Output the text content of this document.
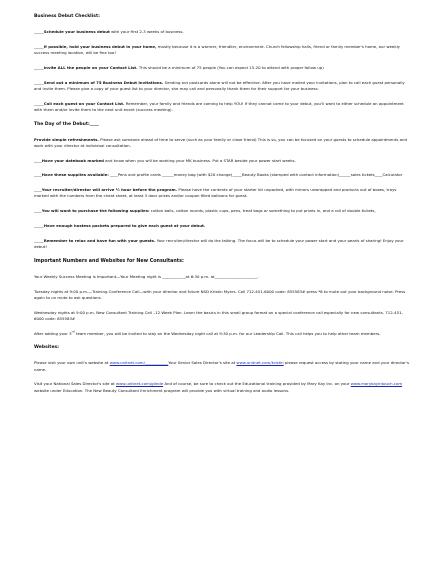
Business Debut Checklist:

_____Schedule your business debut with your first 2-3 weeks of business.

_____If possible, hold your business debut in your home, mostly because it is a warmer, friendlier, environment. Church fellowship halls, friend or family member's home, our weekly success meeting location, will be fine too!

_____Invite ALL the people on your Contact List. This should be a minimum of 75 people (You can expect 15-20 to attend with proper follow up)

_____Send out a minimum of 75 Business Debut Invitations. Sending out postcards alone will not be effective. After you have mailed your invitations, plan to call each guest personally and invite them. Please give a copy of your guest list to your director, she may call and personally thank them for their support for your business.

_____Call each guest on your Contact List. Remember, your family and friends are coming to help YOU! If they cannot come to your debut, you'll want to either schedule an appointment with them and/or invite them to the next unit event (success meeting).

The Day of the Debut:____

Provide simple refreshments. Please ask someone ahead of time to serve (such as your family or close friend) This is so, you can be focused on your guests to schedule appointments and work with your director at individual consultation.

____Have your datebook marked and know when you will be working your MK business. Put a STAR beside your power start weeks.

____Have these supplies available: ____Pens and profile cards ______money bag (with $20 change)_____Beauty Books (stamped with contact information)______sales tickets____Calculator

____Your recruiter/director will arrive ½ hour before the program. Please have the contents of your starter kit unpacked, with mirrors unwrapped and products out of boxes, trays marked with the numbers from the cheat sheet, at least 3 door prizes and/or coupon filled balloons for guest.

____You will want to purchase the following supplies: cotton balls, cotton rounds, plastic cups, pens, treat bags or something to put prizes in, and a roll of double tickets,

_____Have enough hostess packets prepared to give each guest at your debut.

_____Remember to relax and have fun with your guests. Your recruiter/director will do the talking. The focus will be to schedule your power start and your pearls of sharing! Enjoy your debut!

Important Numbers and Websites for New Consultants:

Your Weekly Success Meeting is Important—Your Meeting night is ____________at 6:30 p.m. at______________________.

Tuesday nights at 9:00 p.m.—Training Conference Call—with your director and future NSD Kristin Myers. Call 712-451-6000 code: 855583# press *6 to mute out your background noise. Press again to un mute to ask questions.

Wednesday nights at 9:00 p.m. New Consultant Training Call –12 Week Plan. Learn the basics in this small group format on a special conference call especially for new consultants. 712-451-6000 code: 855583#

After adding your 3rd team member, you will be invited to stay on the Wednesday night call at 9:30 p.m. for our Leadership Call. This call helps you to help other team members.

Websites:

Please visit your own unit's website at www.unitnet.com/____________Your Senior Sales Director's site at www.unitnet.com/kristin please request access by stating your name and your director's name.

Visit your National Sales Director's site at www.unitnet.com/glinde And of course, be sure to check out the Educational training provided by Mary Kay Inc. on your www.marykayintouch.com website under Education. The New Beauty Consultant Enrichment program will provide you with virtual training and audio lessons.
